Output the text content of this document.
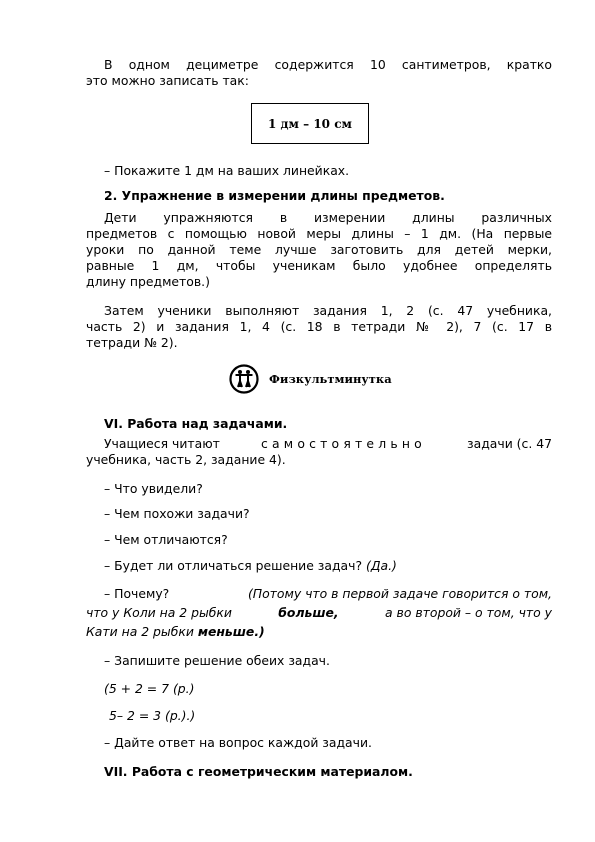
В одном дециметре содержится 10 сантиметров, кратко

это можно записать так:

1 дм – 10 см

– Покажите 1 дм на ваших линейках.

2. Упражнение в измерении длины предметов.

Дети упражняются в измерении длины различных

предметов с помощью новой меры длины – 1 дм. (На первые

уроки по данной теме лучше заготовить для детей мерки,

равные 1 дм, чтобы ученикам было удобнее определять

длину предметов.)

Затем ученики выполняют задания 1, 2 (с. 47 учебника,

часть 2) и задания 1, 4 (с. 18 в тетради № 2), 7 (с. 17 в

тетради № 2).

Физкультминутка

VI. Работа над задачами.

Учащиеся читают	самостоятельно	задачи (с. 47

учебника, часть 2, задание 4).

– Что увидели?

– Чем похожи задачи?

– Чем отличаются?

– Будет ли отличаться решение задач? (Да.)

– Почему?	(Потому что в первой задаче говорится о том,

что у Коли на 2 рыбки	больше,	а во второй – о том, что у

Кати на 2 рыбки меньше.)

– Запишите решение обеих задач.

(5 + 2 = 7 (р.)

5– 2 = 3 (р.).)

– Дайте ответ на вопрос каждой задачи.

VII. Работа с геометрическим материалом.
